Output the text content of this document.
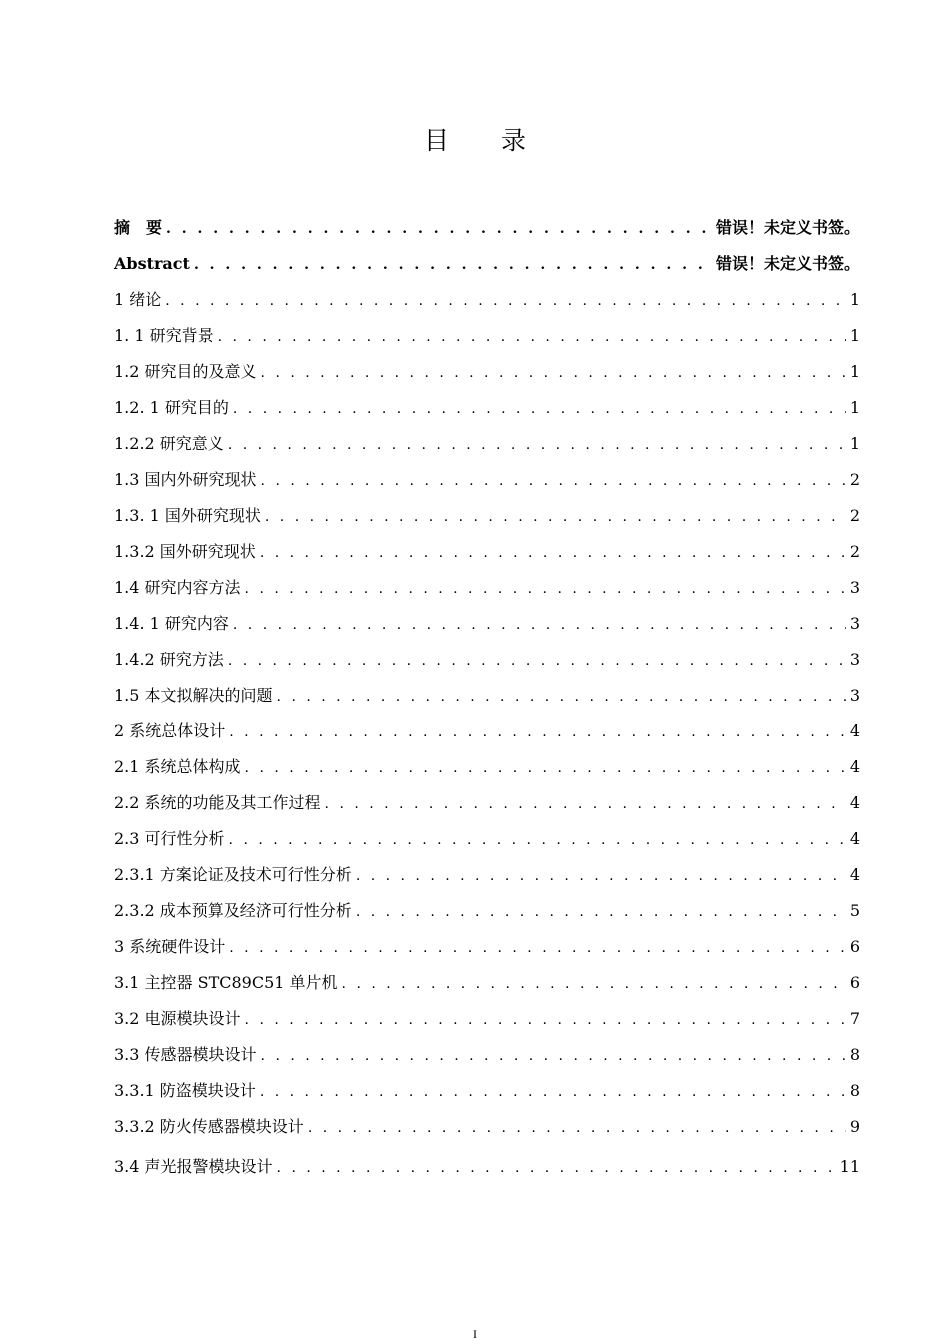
目 录
摘　要 . . .	错误！未定义书签。
Abstract . . .	错误！未定义书签。
1 绪论 . . .	1
1. 1 研究背景 . . .	1
1.2 研究目的及意义 . . .	1
1.2. 1 研究目的 . . .	1
1.2.2 研究意义 . . .	1
1.3 国内外研究现状 . . .	2
1.3. 1 国外研究现状 . . .	2
1.3.2 国外研究现状 . . .	2
1.4 研究内容方法 . . .	3
1.4. 1 研究内容 . . .	3
1.4.2 研究方法 . . .	3
1.5 本文拟解决的问题 . . .	3
2 系统总体设计 . . .	4
2.1 系统总体构成 . . .	4
2.2 系统的功能及其工作过程 . . .	4
2.3 可行性分析 . . .	4
2.3.1 方案论证及技术可行性分析 . . .	4
2.3.2 成本预算及经济可行性分析 . . .	5
3 系统硬件设计 . . .	6
3.1 主控器 STC89C51 单片机 . . .	6
3.2 电源模块设计 . . .	7
3.3 传感器模块设计 . . .	8
3.3.1 防盗模块设计 . . .	8
3.3.2 防火传感器模块设计 . . .	9
3.4 声光报警模块设计 . . .	11
I
